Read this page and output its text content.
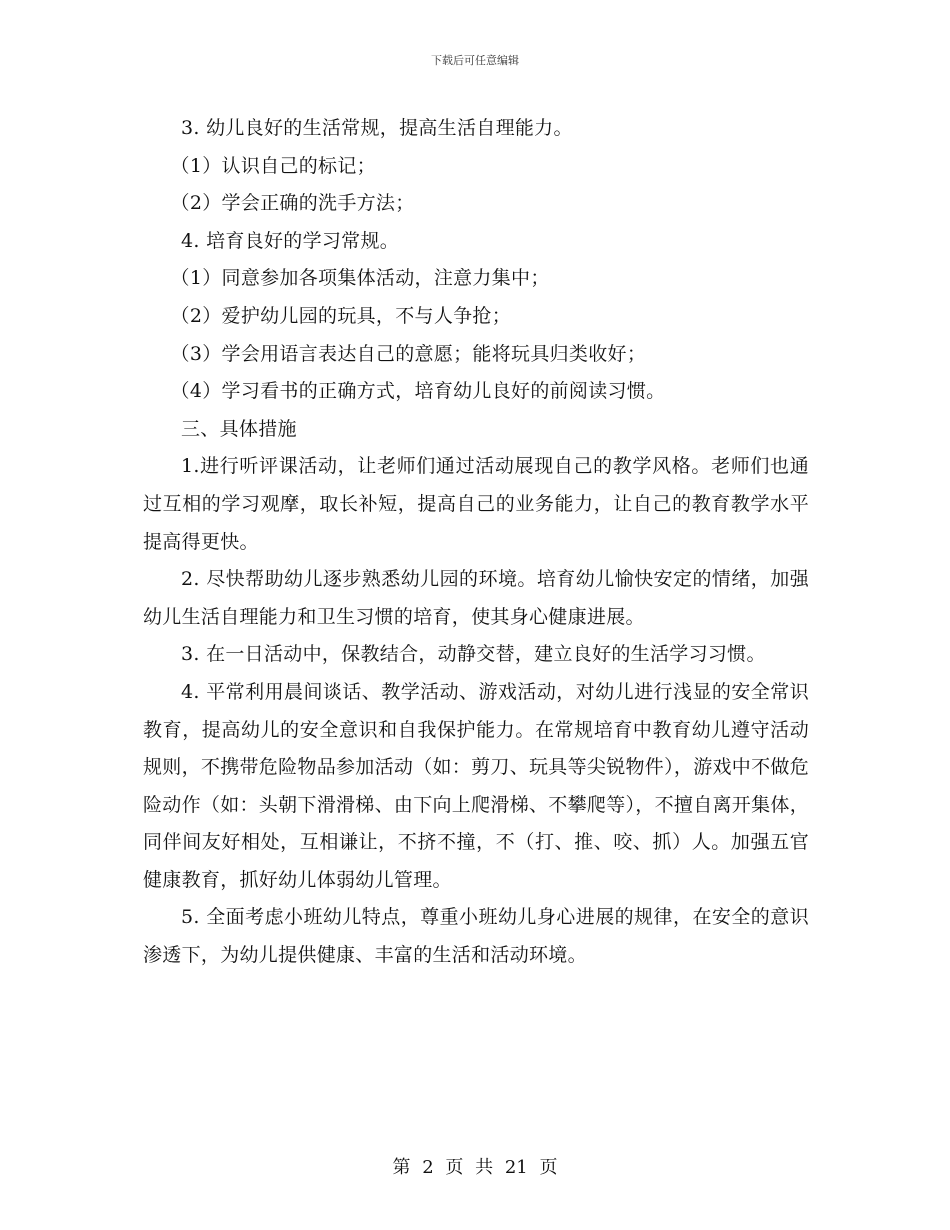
下载后可任意编辑

3. 幼儿良好的生活常规，提高生活自理能力。

（1）认识自己的标记；

（2）学会正确的洗手方法；

4. 培育良好的学习常规。

（1）同意参加各项集体活动，注意力集中；

（2）爱护幼儿园的玩具，不与人争抢；

（3）学会用语言表达自己的意愿；能将玩具归类收好；

（4）学习看书的正确方式，培育幼儿良好的前阅读习惯。

三、具体措施

1.进行听评课活动，让老师们通过活动展现自己的教学风格。老师们也通过互相的学习观摩，取长补短，提高自己的业务能力，让自己的教育教学水平提高得更快。

2. 尽快帮助幼儿逐步熟悉幼儿园的环境。培育幼儿愉快安定的情绪，加强幼儿生活自理能力和卫生习惯的培育，使其身心健康进展。

3. 在一日活动中，保教结合，动静交替，建立良好的生活学习习惯。

4. 平常利用晨间谈话、教学活动、游戏活动，对幼儿进行浅显的安全常识教育，提高幼儿的安全意识和自我保护能力。在常规培育中教育幼儿遵守活动规则，不携带危险物品参加活动（如：剪刀、玩具等尖锐物件），游戏中不做危险动作（如：头朝下滑滑梯、由下向上爬滑梯、不攀爬等），不擅自离开集体，同伴间友好相处，互相谦让，不挤不撞，不（打、推、咬、抓）人。加强五官健康教育，抓好幼儿体弱幼儿管理。

5. 全面考虑小班幼儿特点，尊重小班幼儿身心进展的规律，在安全的意识渗透下，为幼儿提供健康、丰富的生活和活动环境。

第 2 页 共 21 页
